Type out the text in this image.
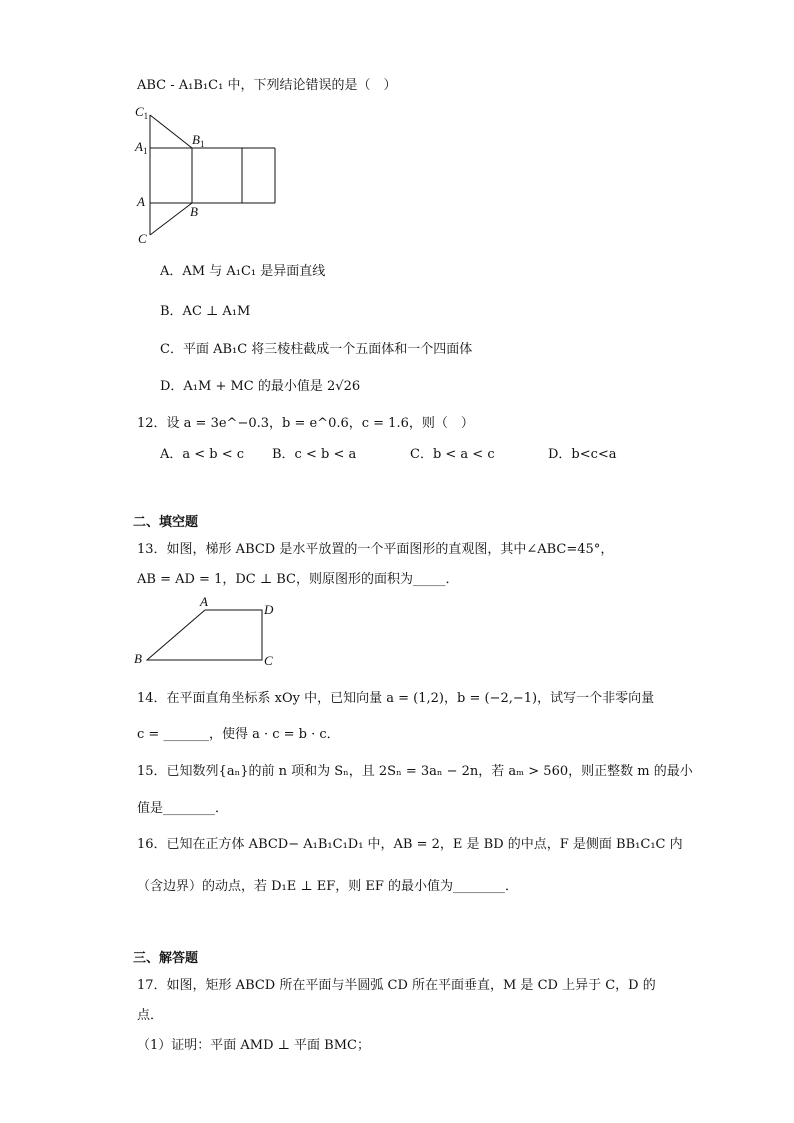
ABC - A₁B₁C₁ 中，下列结论错误的是（　）
$C_1$
$A_1$
$B_1$
A
B
C
A．AM 与 A₁C₁ 是异面直线
B．AC ⊥ A₁M
C．平面 AB₁C 将三棱柱截成一个五面体和一个四面体
D．A₁M + MC 的最小值是 2√26
12．设 a = 3e^−0.3，b = e^0.6，c = 1.6，则（　）
A．a < b < c B．c < b < a	C．b < a < c	D．b<c<a
二、填空题
13．如图，梯形 ABCD 是水平放置的一个平面图形的直观图，其中∠ABC=45°，
AB = AD = 1，DC ⊥ BC，则原图形的面积为_____．
A
D
B	C
14．在平面直角坐标系 xOy 中，已知向量 a = (1,2)，b = (−2,−1)，试写一个非零向量
c = _______，使得 a · c = b · c．
15．已知数列{aₙ}的前 n 项和为 Sₙ，且 2Sₙ = 3aₙ − 2n，若 aₘ > 560，则正整数 m 的最小
值是________．
16．已知在正方体 ABCD− A₁B₁C₁D₁ 中，AB = 2，E 是 BD 的中点，F 是侧面 BB₁C₁C 内
（含边界）的动点，若 D₁E ⊥ EF，则 EF 的最小值为________．
三、解答题
17．如图，矩形 ABCD 所在平面与半圆弧 CD 所在平面垂直，M 是 CD 上异于 C，D 的
点．
（1）证明：平面 AMD ⊥ 平面 BMC；
